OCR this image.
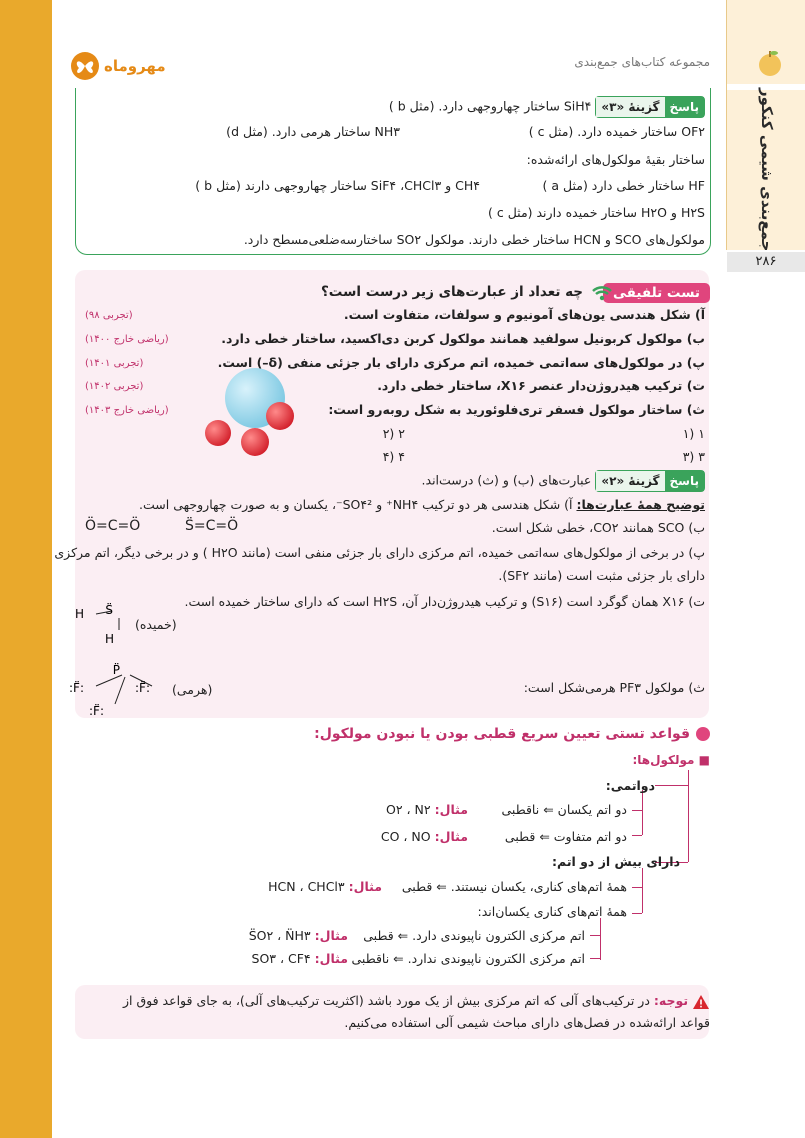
جمع‌بندی شیمی کنکور
۲۸۶
مجموعه کتاب‌های جمع‌بندی
مهروماه
پاسخ
گزینهٔ «۳»
SiH۴ ساختار چهاروجهی دارد. (مثل b )
OF۲ ساختار خمیده دارد. (مثل c )
NH۳ ساختار هرمی دارد. (مثل d)
ساختار بقیهٔ مولکول‌های ارائه‌شده:
HF ساختار خطی دارد (مثل a )
CH۴ و SiF۴ ،CHCl۳ ساختار چهاروجهی دارند (مثل b )
H۲S و H۲O ساختار خمیده دارند (مثل c )
مولکول‌های SCO و HCN ساختار خطی دارند. مولکول SO۲ ساختارسه‌ضلعی‌مسطح دارد.
تست تلفیقی
چه تعداد از عبارت‌های زیر درست است؟
آ) شکل هندسی یون‌های آمونیوم و سولفات، متفاوت است.
(تجربی ۹۸)
ب) مولکول کربونیل سولفید همانند مولکول کربن دی‌اکسید، ساختار خطی دارد.
(ریاضی خارج ۱۴۰۰)
پ) در مولکول‌های سه‌اتمی خمیده، اتم مرکزی دارای بار جزئی منفی (δ–) است.
(تجربی ۱۴۰۱)
ت) ترکیب هیدروژن‌دار عنصر X۱۶، ساختار خطی دارد.
(تجربی ۱۴۰۲)
ث) ساختار مولکول فسفر تری‌فلوئورید به شکل روبه‌رو است:
(ریاضی خارج ۱۴۰۳)
۱ (۱
۲ (۲
۳ (۳
۴ (۴
پاسخ
گزینهٔ «۲»
عبارت‌های (ب) و (ث) درست‌اند.
توضیح همهٔ عبارت‌ها: آ) شکل هندسی هر دو ترکیب NH۴⁺ و SO۴²⁻، یکسان و به صورت چهاروجهی است.
ب) SCO همانند CO۲، خطی شکل است.
S̈=C=Ö
Ö=C=Ö
پ) در برخی از مولکول‌های سه‌اتمی خمیده، اتم مرکزی دارای بار جزئی منفی است (مانند H۲O ) و در برخی دیگر، اتم مرکزی
دارای بار جزئی مثبت است (مانند SF۲).
ت) X۱۶ همان گوگرد است (S۱۶) و ترکیب هیدروژن‌دار آن، H۲S است که دارای ساختار خمیده است.
H S̈
H
(خمیده)
ث) مولکول PF۳ هرمی‌شکل است:
P̈
:F̈:	:F̈:
:F̈:
(هرمی)
قواعد تستی تعیین سریع قطبی بودن یا نبودن مولکول:
■ مولکول‌ها:
دواتمی:
دو اتم یکسان ⇐ ناقطبی
مثال: O۲ ، N۲
دو اتم متفاوت ⇐ قطبی
مثال: CO ، NO
دارای بیش از دو اتم:
همهٔ اتم‌های کناری، یکسان نیستند. ⇐ قطبی
مثال: HCN ، CHCl۳
همهٔ اتم‌های کناری یکسان‌اند:
اتم مرکزی الکترون ناپیوندی دارد. ⇐ قطبی
مثال: S̈O۲ ، N̈H۳
اتم مرکزی الکترون ناپیوندی ندارد. ⇐ ناقطبی
مثال: SO۳ ، CF۴
توجه: در ترکیب‌های آلی که اتم مرکزی بیش از یک مورد باشد (اکثریت ترکیب‌های آلی)، به جای قواعد فوق از قواعد ارائه‌شده در فصل‌های دارای مباحث شیمی آلی استفاده می‌کنیم.
